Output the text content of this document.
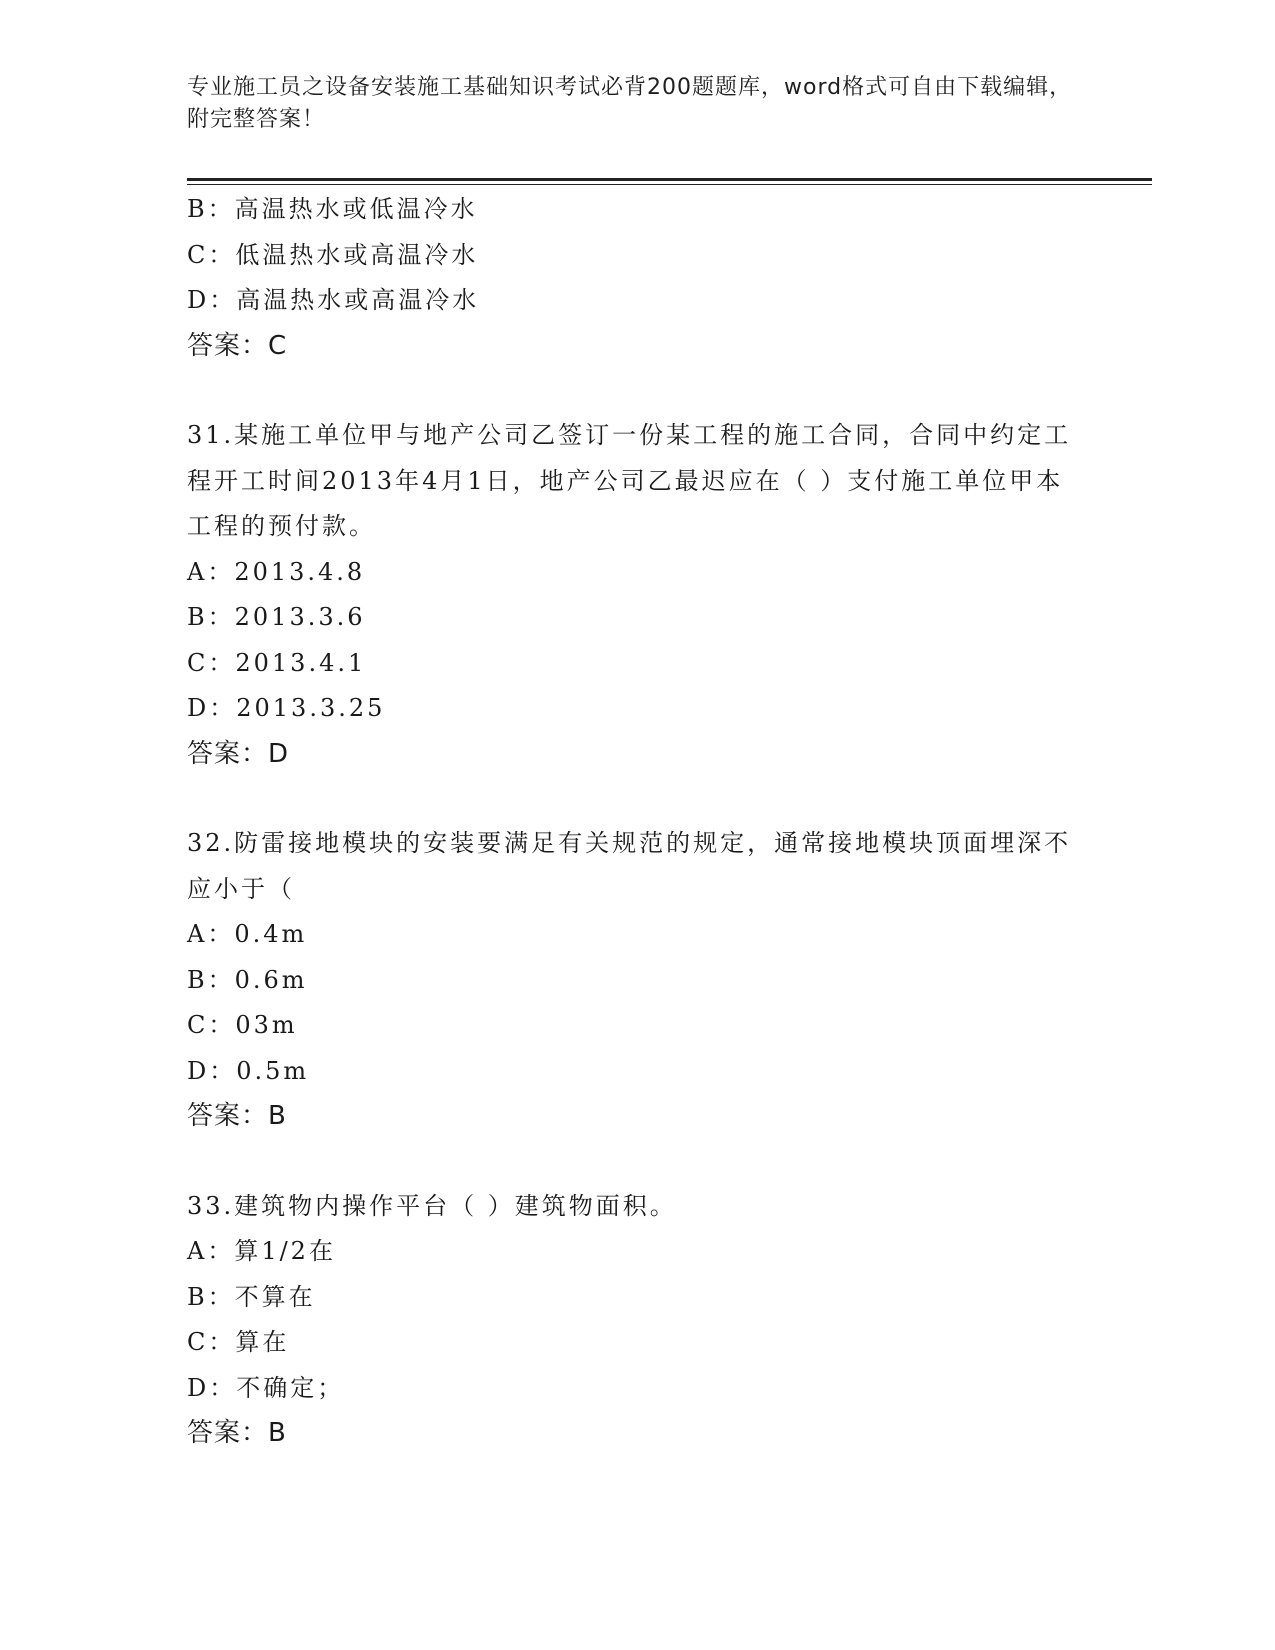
专业施工员之设备安装施工基础知识考试必背200题题库，word格式可自由下载编辑，附完整答案！
B：高温热水或低温冷水
C：低温热水或高温冷水
D：高温热水或高温冷水
答案：C
31.某施工单位甲与地产公司乙签订一份某工程的施工合同，合同中约定工程开工时间2013年4月1日，地产公司乙最迟应在（ ）支付施工单位甲本工程的预付款。
A：2013.4.8
B：2013.3.6
C：2013.4.1
D：2013.3.25
答案：D
32.防雷接地模块的安装要满足有关规范的规定，通常接地模块顶面埋深不应小于（
A：0.4m
B：0.6m
C：03m
D：0.5m
答案：B
33.建筑物内操作平台（ ）建筑物面积。
A：算1/2在
B：不算在
C：算在
D：不确定；
答案：B
